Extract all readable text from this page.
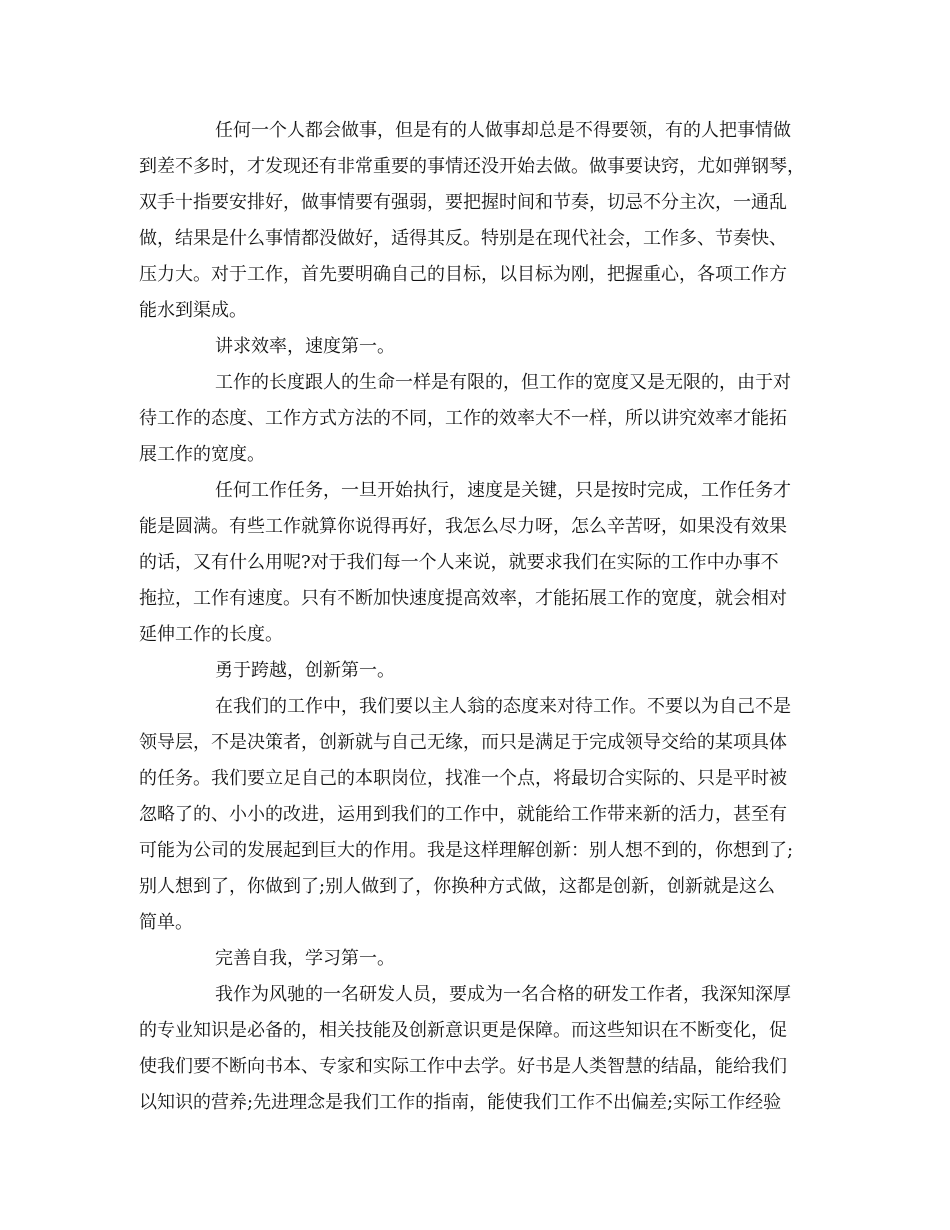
任何一个人都会做事，但是有的人做事却总是不得要领，有的人把事情做
到差不多时，才发现还有非常重要的事情还没开始去做。做事要诀窍，尤如弹钢琴，
双手十指要安排好，做事情要有强弱，要把握时间和节奏，切忌不分主次，一通乱
做，结果是什么事情都没做好，适得其反。特别是在现代社会，工作多、节奏快、
压力大。对于工作，首先要明确自己的目标，以目标为刚，把握重心，各项工作方
能水到渠成。
讲求效率，速度第一。
工作的长度跟人的生命一样是有限的，但工作的宽度又是无限的，由于对
待工作的态度、工作方式方法的不同，工作的效率大不一样，所以讲究效率才能拓
展工作的宽度。
任何工作任务，一旦开始执行，速度是关键，只是按时完成，工作任务才
能是圆满。有些工作就算你说得再好，我怎么尽力呀，怎么辛苦呀，如果没有效果
的话，又有什么用呢?对于我们每一个人来说，就要求我们在实际的工作中办事不
拖拉，工作有速度。只有不断加快速度提高效率，才能拓展工作的宽度，就会相对
延伸工作的长度。
勇于跨越，创新第一。
在我们的工作中，我们要以主人翁的态度来对待工作。不要以为自己不是
领导层，不是决策者，创新就与自己无缘，而只是满足于完成领导交给的某项具体
的任务。我们要立足自己的本职岗位，找准一个点，将最切合实际的、只是平时被
忽略了的、小小的改进，运用到我们的工作中，就能给工作带来新的活力，甚至有
可能为公司的发展起到巨大的作用。我是这样理解创新：别人想不到的，你想到了;
别人想到了，你做到了;别人做到了，你换种方式做，这都是创新，创新就是这么
简单。
完善自我，学习第一。
我作为风驰的一名研发人员，要成为一名合格的研发工作者，我深知深厚
的专业知识是必备的，相关技能及创新意识更是保障。而这些知识在不断变化，促
使我们要不断向书本、专家和实际工作中去学。好书是人类智慧的结晶，能给我们
以知识的营养;先进理念是我们工作的指南，能使我们工作不出偏差;实际工作经验
